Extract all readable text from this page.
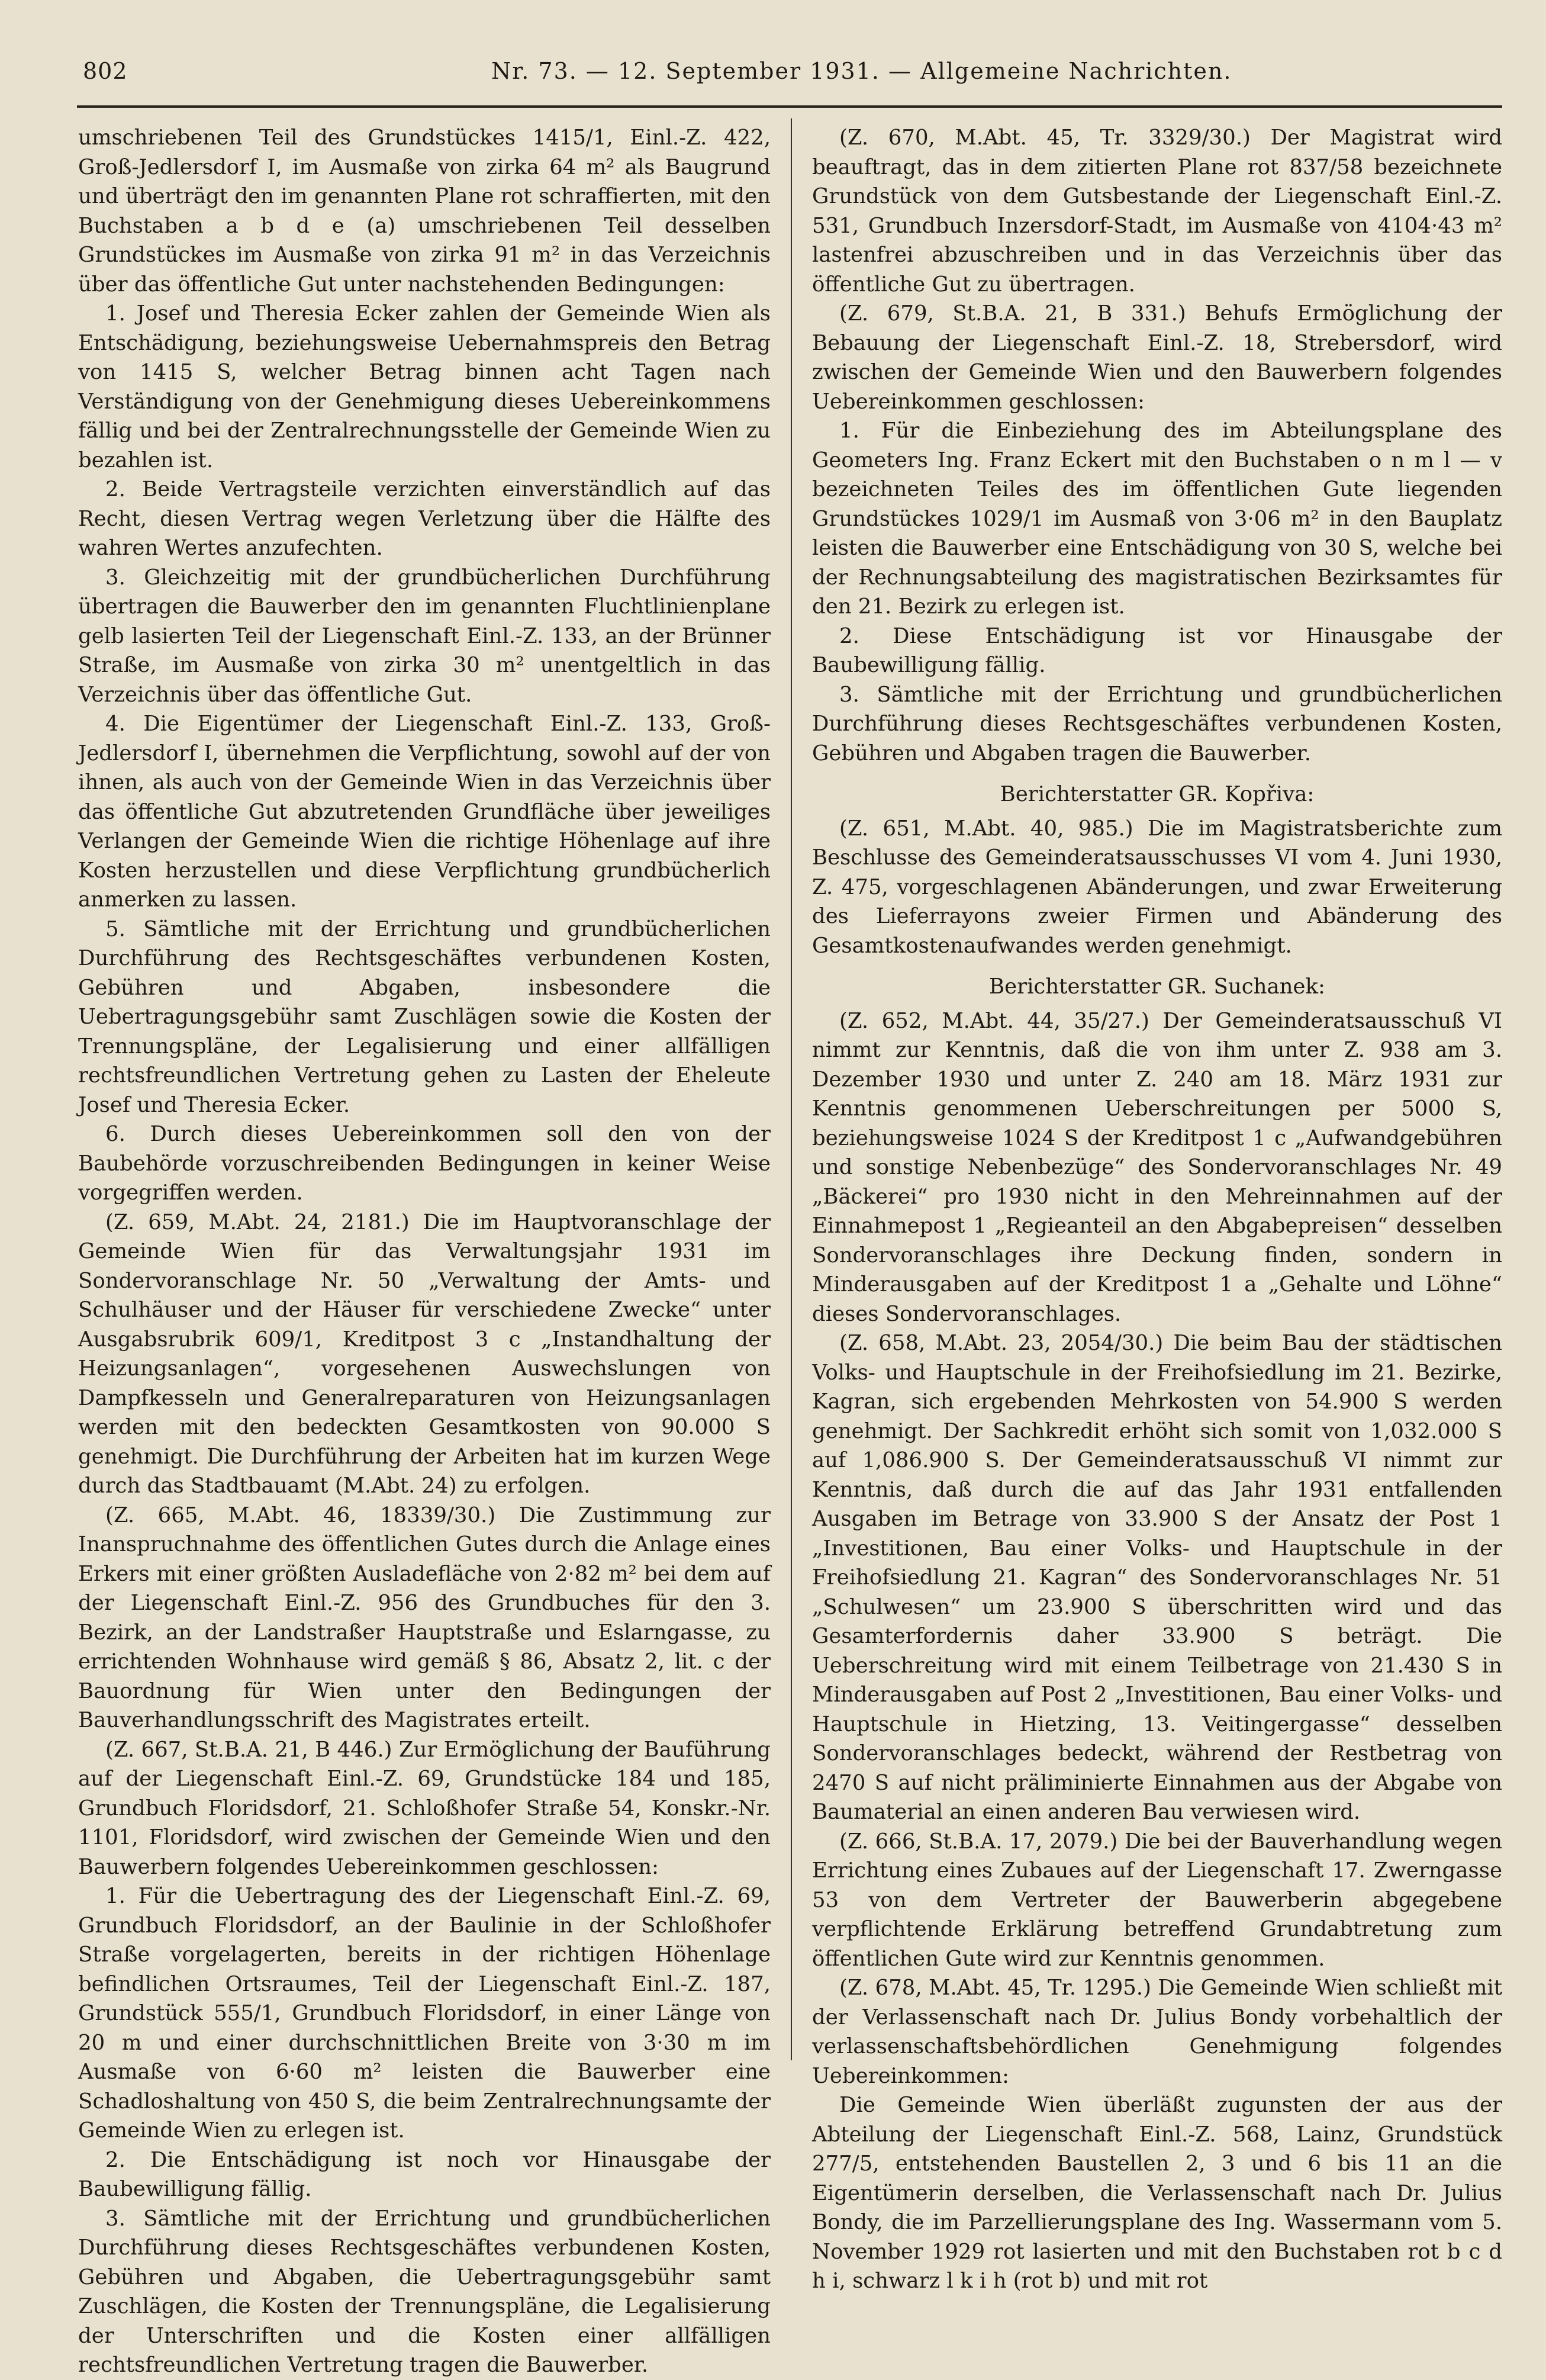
802	Nr. 73. — 12. September 1931. — Allgemeine Nachrichten.

umschriebenen Teil des Grundstückes 1415/1, Einl.-Z. 422, Groß-Jedlersdorf I, im Ausmaße von zirka 64 m² als Baugrund und überträgt den im genannten Plane rot schraffierten, mit den Buchstaben a b d e (a) umschriebenen Teil desselben Grundstückes im Ausmaße von zirka 91 m² in das Verzeichnis über das öffentliche Gut unter nachstehenden Bedingungen:

1. Josef und Theresia Ecker zahlen der Gemeinde Wien als Entschädigung, beziehungsweise Uebernahmspreis den Betrag von 1415 S, welcher Betrag binnen acht Tagen nach Verständigung von der Genehmigung dieses Uebereinkommens fällig und bei der Zentralrechnungsstelle der Gemeinde Wien zu bezahlen ist.

2. Beide Vertragsteile verzichten einverständlich auf das Recht, diesen Vertrag wegen Verletzung über die Hälfte des wahren Wertes anzufechten.

3. Gleichzeitig mit der grundbücherlichen Durchführung übertragen die Bauwerber den im genannten Fluchtlinienplane gelb lasierten Teil der Liegenschaft Einl.-Z. 133, an der Brünner Straße, im Ausmaße von zirka 30 m² unentgeltlich in das Verzeichnis über das öffentliche Gut.

4. Die Eigentümer der Liegenschaft Einl.-Z. 133, Groß-Jedlersdorf I, übernehmen die Verpflichtung, sowohl auf der von ihnen, als auch von der Gemeinde Wien in das Verzeichnis über das öffentliche Gut abzutretenden Grundfläche über jeweiliges Verlangen der Gemeinde Wien die richtige Höhenlage auf ihre Kosten herzustellen und diese Verpflichtung grundbücherlich anmerken zu lassen.

5. Sämtliche mit der Errichtung und grundbücherlichen Durchführung des Rechtsgeschäftes verbundenen Kosten, Gebühren und Abgaben, insbesondere die Uebertragungsgebühr samt Zuschlägen sowie die Kosten der Trennungspläne, der Legalisierung und einer allfälligen rechtsfreundlichen Vertretung gehen zu Lasten der Eheleute Josef und Theresia Ecker.

6. Durch dieses Uebereinkommen soll den von der Baubehörde vorzuschreibenden Bedingungen in keiner Weise vorgegriffen werden.

(Z. 659, M.Abt. 24, 2181.) Die im Hauptvoranschlage der Gemeinde Wien für das Verwaltungsjahr 1931 im Sondervoranschlage Nr. 50 „Verwaltung der Amts- und Schulhäuser und der Häuser für verschiedene Zwecke“ unter Ausgabsrubrik 609/1, Kreditpost 3 c „Instandhaltung der Heizungsanlagen“, vorgesehenen Auswechslungen von Dampfkesseln und Generalreparaturen von Heizungsanlagen werden mit den bedeckten Gesamtkosten von 90.000 S genehmigt. Die Durchführung der Arbeiten hat im kurzen Wege durch das Stadtbauamt (M.Abt. 24) zu erfolgen.

(Z. 665, M.Abt. 46, 18339/30.) Die Zustimmung zur Inanspruchnahme des öffentlichen Gutes durch die Anlage eines Erkers mit einer größten Ausladefläche von 2·82 m² bei dem auf der Liegenschaft Einl.-Z. 956 des Grundbuches für den 3. Bezirk, an der Landstraßer Hauptstraße und Eslarngasse, zu errichtenden Wohnhause wird gemäß § 86, Absatz 2, lit. c der Bauordnung für Wien unter den Bedingungen der Bauverhandlungsschrift des Magistrates erteilt.

(Z. 667, St.B.A. 21, B 446.) Zur Ermöglichung der Bauführung auf der Liegenschaft Einl.-Z. 69, Grundstücke 184 und 185, Grundbuch Floridsdorf, 21. Schloßhofer Straße 54, Konskr.-Nr. 1101, Floridsdorf, wird zwischen der Gemeinde Wien und den Bauwerbern folgendes Uebereinkommen geschlossen:

1. Für die Uebertragung des der Liegenschaft Einl.-Z. 69, Grundbuch Floridsdorf, an der Baulinie in der Schloßhofer Straße vorgelagerten, bereits in der richtigen Höhenlage befindlichen Ortsraumes, Teil der Liegenschaft Einl.-Z. 187, Grundstück 555/1, Grundbuch Floridsdorf, in einer Länge von 20 m und einer durchschnittlichen Breite von 3·30 m im Ausmaße von 6·60 m² leisten die Bauwerber eine Schadloshaltung von 450 S, die beim Zentralrechnungsamte der Gemeinde Wien zu erlegen ist.

2. Die Entschädigung ist noch vor Hinausgabe der Baubewilligung fällig.

3. Sämtliche mit der Errichtung und grundbücherlichen Durchführung dieses Rechtsgeschäftes verbundenen Kosten, Gebühren und Abgaben, die Uebertragungsgebühr samt Zuschlägen, die Kosten der Trennungspläne, die Legalisierung der Unterschriften und die Kosten einer allfälligen rechtsfreundlichen Vertretung tragen die Bauwerber.

(Z. 670, M.Abt. 45, Tr. 3329/30.) Der Magistrat wird beauftragt, das in dem zitierten Plane rot 837/58 bezeichnete Grundstück von dem Gutsbestande der Liegenschaft Einl.-Z. 531, Grundbuch Inzersdorf-Stadt, im Ausmaße von 4104·43 m² lastenfrei abzuschreiben und in das Verzeichnis über das öffentliche Gut zu übertragen.

(Z. 679, St.B.A. 21, B 331.) Behufs Ermöglichung der Bebauung der Liegenschaft Einl.-Z. 18, Strebersdorf, wird zwischen der Gemeinde Wien und den Bauwerbern folgendes Uebereinkommen geschlossen:

1. Für die Einbeziehung des im Abteilungsplane des Geometers Ing. Franz Eckert mit den Buchstaben o n m l — v bezeichneten Teiles des im öffentlichen Gute liegenden Grundstückes 1029/1 im Ausmaß von 3·06 m² in den Bauplatz leisten die Bauwerber eine Entschädigung von 30 S, welche bei der Rechnungsabteilung des magistratischen Bezirksamtes für den 21. Bezirk zu erlegen ist.

2. Diese Entschädigung ist vor Hinausgabe der Baubewilligung fällig.

3. Sämtliche mit der Errichtung und grundbücherlichen Durchführung dieses Rechtsgeschäftes verbundenen Kosten, Gebühren und Abgaben tragen die Bauwerber.

Berichterstatter GR. Kopřiva:

(Z. 651, M.Abt. 40, 985.) Die im Magistratsberichte zum Beschlusse des Gemeinderatsausschusses VI vom 4. Juni 1930, Z. 475, vorgeschlagenen Abänderungen, und zwar Erweiterung des Lieferrayons zweier Firmen und Abänderung des Gesamtkostenaufwandes werden genehmigt.

Berichterstatter GR. Suchanek:

(Z. 652, M.Abt. 44, 35/27.) Der Gemeinderatsausschuß VI nimmt zur Kenntnis, daß die von ihm unter Z. 938 am 3. Dezember 1930 und unter Z. 240 am 18. März 1931 zur Kenntnis genommenen Ueberschreitungen per 5000 S, beziehungsweise 1024 S der Kreditpost 1 c „Aufwandgebühren und sonstige Nebenbezüge“ des Sondervoranschlages Nr. 49 „Bäckerei“ pro 1930 nicht in den Mehreinnahmen auf der Einnahmepost 1 „Regieanteil an den Abgabepreisen“ desselben Sondervoranschlages ihre Deckung finden, sondern in Minderausgaben auf der Kreditpost 1 a „Gehalte und Löhne“ dieses Sondervoranschlages.

(Z. 658, M.Abt. 23, 2054/30.) Die beim Bau der städtischen Volks- und Hauptschule in der Freihofsiedlung im 21. Bezirke, Kagran, sich ergebenden Mehrkosten von 54.900 S werden genehmigt. Der Sachkredit erhöht sich somit von 1,032.000 S auf 1,086.900 S. Der Gemeinderatsausschuß VI nimmt zur Kenntnis, daß durch die auf das Jahr 1931 entfallenden Ausgaben im Betrage von 33.900 S der Ansatz der Post 1 „Investitionen, Bau einer Volks- und Hauptschule in der Freihofsiedlung 21. Kagran“ des Sondervoranschlages Nr. 51 „Schulwesen“ um 23.900 S überschritten wird und das Gesamterfordernis daher 33.900 S beträgt. Die Ueberschreitung wird mit einem Teilbetrage von 21.430 S in Minderausgaben auf Post 2 „Investitionen, Bau einer Volks- und Hauptschule in Hietzing, 13. Veitingergasse“ desselben Sondervoranschlages bedeckt, während der Restbetrag von 2470 S auf nicht präliminierte Einnahmen aus der Abgabe von Baumaterial an einen anderen Bau verwiesen wird.

(Z. 666, St.B.A. 17, 2079.) Die bei der Bauverhandlung wegen Errichtung eines Zubaues auf der Liegenschaft 17. Zwerngasse 53 von dem Vertreter der Bauwerberin abgegebene verpflichtende Erklärung betreffend Grundabtretung zum öffentlichen Gute wird zur Kenntnis genommen.

(Z. 678, M.Abt. 45, Tr. 1295.) Die Gemeinde Wien schließt mit der Verlassenschaft nach Dr. Julius Bondy vorbehaltlich der verlassenschaftsbehördlichen Genehmigung folgendes Uebereinkommen:

Die Gemeinde Wien überläßt zugunsten der aus der Abteilung der Liegenschaft Einl.-Z. 568, Lainz, Grundstück 277/5, entstehenden Baustellen 2, 3 und 6 bis 11 an die Eigentümerin derselben, die Verlassenschaft nach Dr. Julius Bondy, die im Parzellierungsplane des Ing. Wassermann vom 5. November 1929 rot lasierten und mit den Buchstaben rot b c d h i, schwarz l k i h (rot b) und mit rot
